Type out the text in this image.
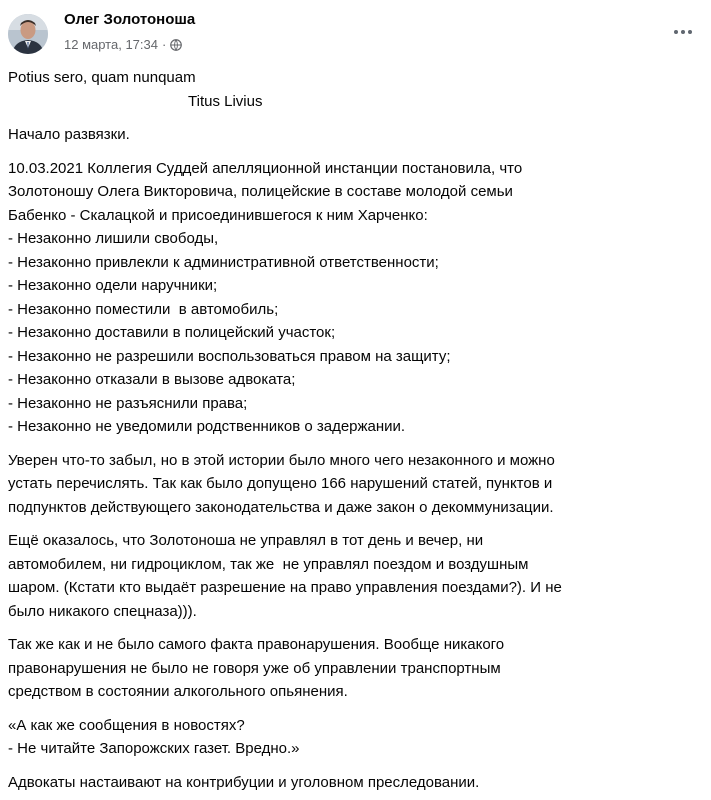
Олег Золотоноша
12 марта, 17:34 ·

Potius sero, quam nunquam

Titus Livius

Начало развязки.

10.03.2021 Коллегия Суддей апелляционной инстанции постановила, что

Золотоношу Олега Викторовича, полицейские в составе молодой семьи

Бабенко - Скалацкой и присоединившегося к ним Харченко:

- Незаконно лишили свободы,

- Незаконно привлекли к административной ответственности;

- Незаконно одели наручники;

- Незаконно поместили  в автомобиль;

- Незаконно доставили в полицейский участок;

- Незаконно не разрешили воспользоваться правом на защиту;

- Незаконно отказали в вызове адвоката;

- Незаконно не разъяснили права;

- Незаконно не уведомили родственников о задержании.

Уверен что-то забыл, но в этой истории было много чего незаконного и можно

устать перечислять. Так как было допущено 166 нарушений статей, пунктов и

подпунктов действующего законодательства и даже закон о декоммунизации.

Ещё оказалось, что Золотоноша не управлял в тот день и вечер, ни

автомобилем, ни гидроциклом, так же  не управлял поездом и воздушным

шаром. (Кстати кто выдаёт разрешение на право управления поездами?). И не

было никакого спецназа))).

Так же как и не было самого факта правонарушения. Вообще никакого

правонарушения не было не говоря уже об управлении транспортным

средством в состоянии алкогольного опьянения.

«А как же сообщения в новостях?

- Не читайте Запорожских газет. Вредно.»

Адвокаты настаивают на контрибуции и уголовном преследовании.
